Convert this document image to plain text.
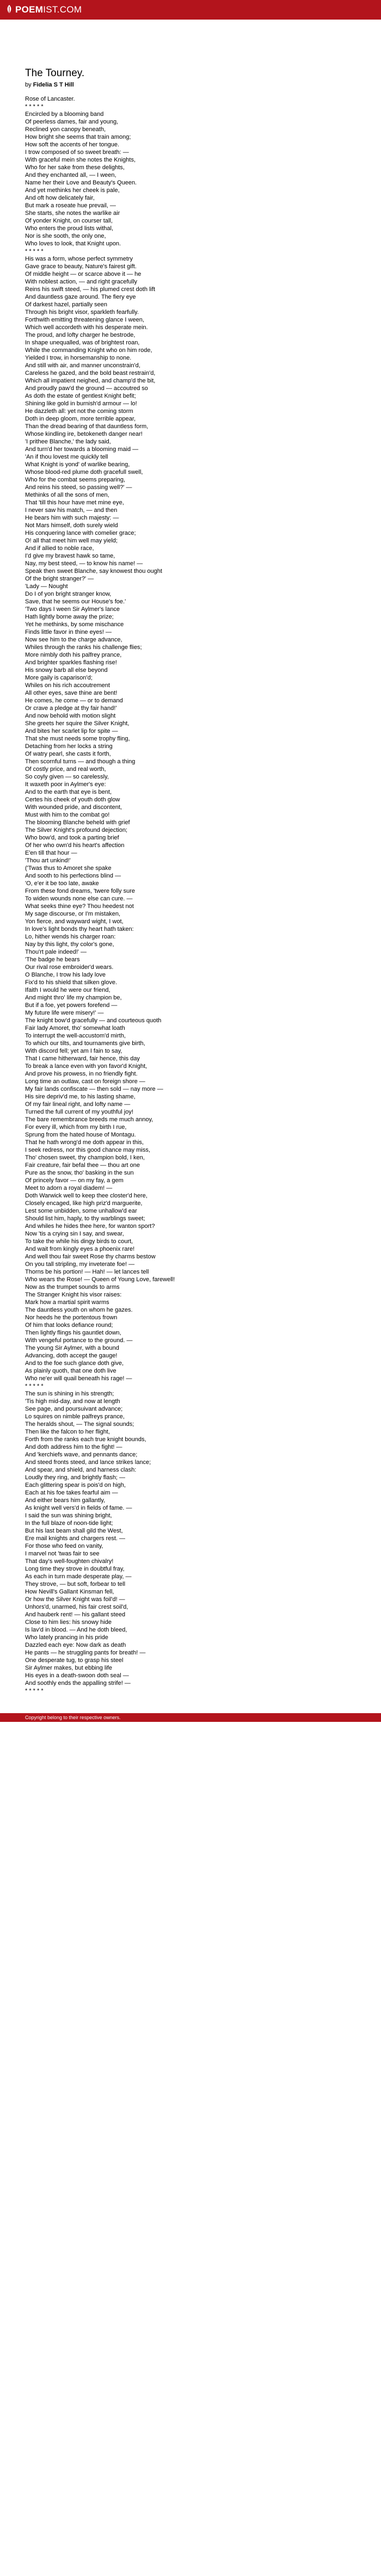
POEMIST.COM
The Tourney.
by Fidelia S T Hill
Rose of Lancaster.
* * * * *
Encircled by a blooming band
Of peerless dames, fair and young,
Reclined yon canopy beneath,
How bright she seems that train among;
How soft the accents of her tongue.
I trow composed of so sweet breath: —
With graceful mein she notes the Knights,
Who for her sake from these delights,
And they enchanted all, — I ween,
Name her their Love and Beauty's Queen.
And yet methinks her cheek is pale,
And oft how delicately fair,
But mark a roseate hue prevail, —
She starts, she notes the warlike air
Of yonder Knight, on courser tall,
Who enters the proud lists withal,
Nor is she sooth, the only one,
Who loves to look, that Knight upon.
* * * * *
His was a form, whose perfect symmetry
Gave grace to beauty, Nature's fairest gift.
Of middle height — or scarce above it — he
With noblest action, — and right gracefully
Reins his swift steed, — his plumed crest doth lift
And dauntless gaze around. The fiery eye
Of darkest hazel, partially seen
Through his bright visor, sparkleth fearfully.
Forthwith emitting threatening glance I ween,
Which well accordeth with his desperate mein.
The proud, and lofty charger he bestrode,
In shape unequalled, was of brightest roan,
While the commanding Knight who on him rode,
Yielded I trow, in horsemanship to none.
And still with air, and manner unconstrain'd,
Careless he gazed, and the bold beast restrain'd,
Which all impatient neighed, and champ'd the bit,
And proudly paw'd the ground — accoutred so
As doth the estate of gentlest Knight befit;
Shining like gold in burnish'd armour — lo!
He dazzleth all: yet not the coming storm
Doth in deep gloom, more terrible appear,
Than the dread bearing of that dauntless form,
Whose kindling ire, betokeneth danger near!
'I prithee Blanche,' the lady said,
And turn'd her towards a blooming maid —
'An if thou lovest me quickly tell
What Knight is yond' of warlike bearing,
Whose blood-red plume doth gracefull swell,
Who for the combat seems preparing,
And reins his steed, so passing well?' —
Methinks of all the sons of men,
That 'till this hour have met mine eye,
I never saw his match, — and then
He bears him with such majesty: —
Not Mars himself, doth surely wield
His conquering lance with comelier grace;
O! all that meet him well may yield;
And if allied to noble race,
I'd give my bravest hawk so tame,
Nay, my best steed, — to know his name! —
Speak then sweet Blanche, say knowest thou ought
Of the bright stranger?' —
'Lady — Nought
Do I of yon bright stranger know,
Save, that he seems our House's foe.'
'Two days I ween Sir Aylmer's lance
Hath lightly borne away the prize;
Yet he methinks, by some mischance
Finds little favor in thine eyes! —
Now see him to the charge advance,
Whiles through the ranks his challenge flies;
More nimbly doth his palfrey prance,
And brighter sparkles flashing rise!
His snowy barb all else beyond
More gaily is caparison'd;
Whiles on his rich accoutrement
All other eyes, save thine are bent!
He comes, he come — or to demand
Or crave a pledge at thy fair hand!'
And now behold with motion slight
She greets her squire the Silver Knight,
And bites her scarlet lip for spite —
That she must needs some trophy fling,
Detaching from her locks a string
Of watry pearl, she casts it forth,
Then scornful turns — and though a thing
Of costly price, and real worth,
So coyly given — so carelessly,
It waxeth poor in Aylmer's eye:
And to the earth that eye is bent,
Certes his cheek of youth doth glow
With wounded pride, and discontent,
Must with him to the combat go!
The blooming Blanche beheld with grief
The Silver Knight's profound dejection;
Who bow'd, and took a parting brief
Of her who own'd his heart's affection
E'en till that hour —
'Thou art unkind!'
('Twas thus to Amoret she spake
And sooth to his perfections blind —
'O, e'er it be too late, awake
From these fond dreams, 'twere folly sure
To widen wounds none else can cure. —
What seeks thine eye? Thou heedest not
My sage discourse, or I'm mistaken,
Yon fierce, and wayward wight, I wot,
In love's light bonds thy heart hath taken:
Lo, hither wends his charger roan:
Nay by this light, thy color's gone,
Thou'rt pale indeed!' —
'The badge he bears
Our rival rose embroider'd wears.
O Blanche, I trow his lady love
Fix'd to his shield that silken glove.
Ifaith I would he were our friend,
And might thro' life my champion be,
But if a foe, yet powers forefend —
My future life were misery!' —
The knight bow'd gracefully — and courteous quoth
Fair lady Amoret, tho' somewhat loath
To interrupt the well-accustom'd mirth,
To which our tilts, and tournaments give birth,
With discord fell; yet am I fain to say,
That I came hitherward, fair hence, this day
To break a lance even with yon favor'd Knight,
And prove his prowess, in no friendly fight.
Long time an outlaw, cast on foreign shore —
My fair lands confiscate — then sold — nay more —
His sire depriv'd me, to his lasting shame,
Of my fair lineal right, and lofty name —
Turned the full current of my youthful joy!
The bare remembrance breeds me much annoy,
For every ill, which from my birth I rue,
Sprung from the hated house of Montagu.
That he hath wrong'd me doth appear in this,
I seek redress, nor this good chance may miss,
Tho' chosen sweet, thy champion bold, I ken,
Fair creature, fair befal thee — thou art one
Pure as the snow, tho' basking in the sun
Of princely favor — on my fay, a gem
Meet to adorn a royal diadem! —
Doth Warwick well to keep thee closter'd here,
Closely encaged, like high priz'd marguerite,
Lest some unbidden, some unhallow'd ear
Should list him, haply, to thy warblings sweet;
And whiles he hides thee here, for wanton sport?
Now 'tis a crying sin I say, and swear,
To take the while his dingy birds to court,
And wait from kingly eyes a phoenix rare!
And well thou fair sweet Rose thy charms bestow
On you tall stripling, my inveterate foe! —
Thorns be his portion! — Hah! — let lances tell
Who wears the Rose! — Queen of Young Love, farewell!
Now as the trumpet sounds to arms
The Stranger Knight his visor raises:
Mark how a martial spirit warms
The dauntless youth on whom he gazes.
Nor heeds he the portentous frown
Of him that looks defiance round;
Then lightly flings his gauntlet down,
With vengeful portance to the ground. —
The young Sir Aylmer, with a bound
Advancing, doth accept the gauge!
And to the foe such glance doth give,
As plainly quoth, that one doth live
Who ne'er will quail beneath his rage! —
* * * * *
The sun is shining in his strength;
'Tis high mid-day, and now at length
See page, and poursuivant advance;
Lo squires on nimble palfreys prance,
The heralds shout, — The signal sounds;
Then like the falcon to her flight,
Forth from the ranks each true knight bounds,
And doth address him to the fight! —
And 'kerchiefs wave, and pennants dance;
And steed fronts steed, and lance strikes lance;
And spear, and shield, and harness clash:
Loudly they ring, and brightly flash; —
Each glittering spear is pois'd on high,
Each at his foe takes fearful aim —
And either bears him gallantly,
As knight well vers'd in fields of fame. —
I said the sun was shining bright,
In the full blaze of noon-tide light;
But his last beam shall gild the West,
Ere mail knights and chargers rest. —
For those who feed on vanity,
I marvel not 'twas fair to see
That day's well-foughten chivalry!
Long time they strove in doubtful fray,
As each in turn made desperate play, —
They strove, — but soft, forbear to tell
How Nevill's Gallant Kinsman fell,
Or how the Silver Knight was foil'd! —
Unhors'd, unarmed, his fair crest soil'd,
And hauberk rent! — his gallant steed
Close to him lies: his snowy hide
Is lav'd in blood. — And he doth bleed,
Who lately prancing in his pride
Dazzled each eye: Now dark as death
He pants — he struggling pants for breath! —
One desperate tug, to grasp his steel
Sir Aylmer makes, but ebbing life
His eyes in a death-swoon doth seal —
And soothly ends the appalling strife! —
* * * * *
Copyright belong to their respective owners.
